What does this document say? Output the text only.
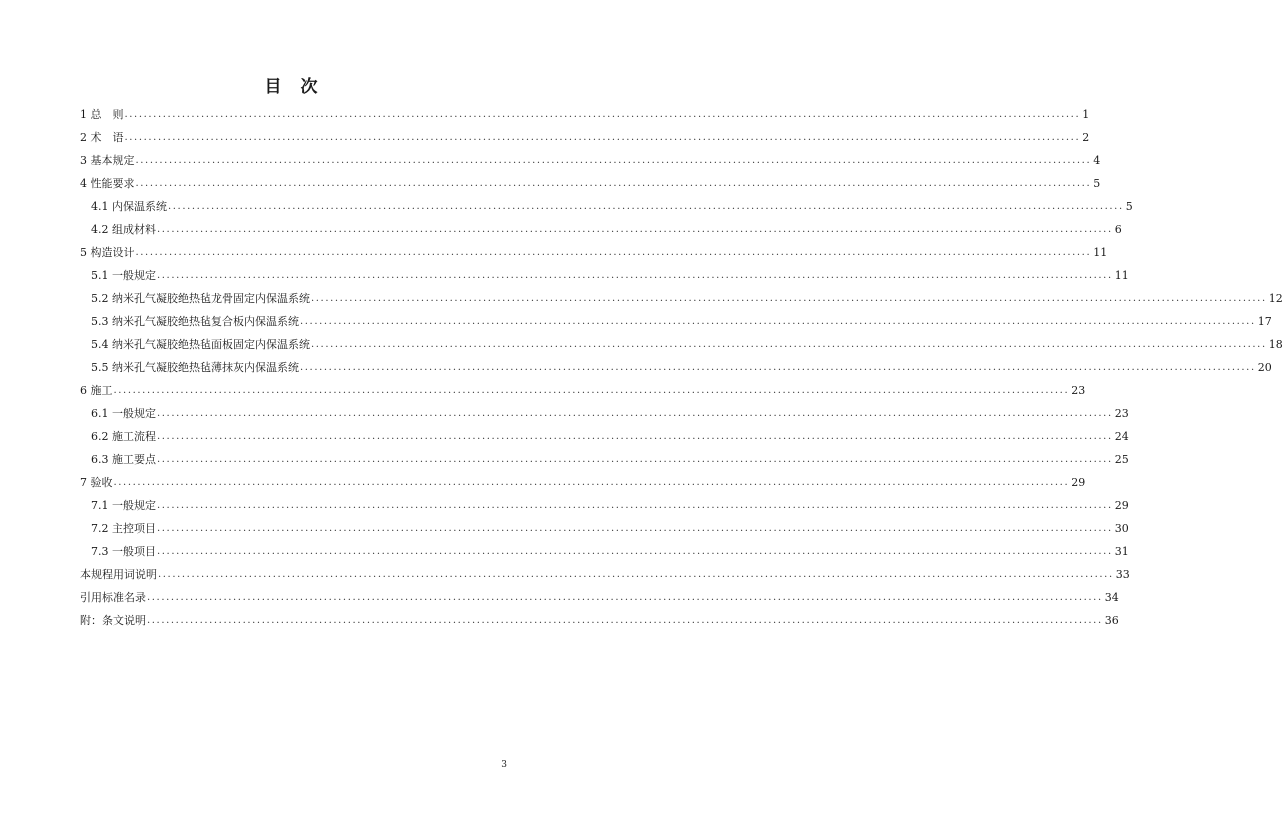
目　次
1 总　则 ........................................................................................................................................................................................................ 1
2 术　语 ........................................................................................................................................................................................................ 2
3 基本规定 ........................................................................................................................................................................................................ 4
4 性能要求 ........................................................................................................................................................................................................ 5
4.1 内保温系统 ........................................................................................................................................................................................................ 5
4.2 组成材料 ........................................................................................................................................................................................................ 6
5 构造设计 ........................................................................................................................................................................................................ 11
5.1 一般规定 ........................................................................................................................................................................................................ 11
5.2 纳米孔气凝胶绝热毡龙骨固定内保温系统 ........................................................................................................................................................................................................ 12
5.3 纳米孔气凝胶绝热毡复合板内保温系统 ........................................................................................................................................................................................................ 17
5.4 纳米孔气凝胶绝热毡面板固定内保温系统 ........................................................................................................................................................................................................ 18
5.5 纳米孔气凝胶绝热毡薄抹灰内保温系统 ........................................................................................................................................................................................................ 20
6 施工 ........................................................................................................................................................................................................ 23
6.1 一般规定 ........................................................................................................................................................................................................ 23
6.2 施工流程 ........................................................................................................................................................................................................ 24
6.3 施工要点 ........................................................................................................................................................................................................ 25
7 验收 ........................................................................................................................................................................................................ 29
7.1 一般规定 ........................................................................................................................................................................................................ 29
7.2 主控项目 ........................................................................................................................................................................................................ 30
7.3 一般项目 ........................................................................................................................................................................................................ 31
本规程用词说明 ........................................................................................................................................................................................................ 33
引用标准名录 ........................................................................................................................................................................................................ 34
附：条文说明 ........................................................................................................................................................................................................ 36
3
